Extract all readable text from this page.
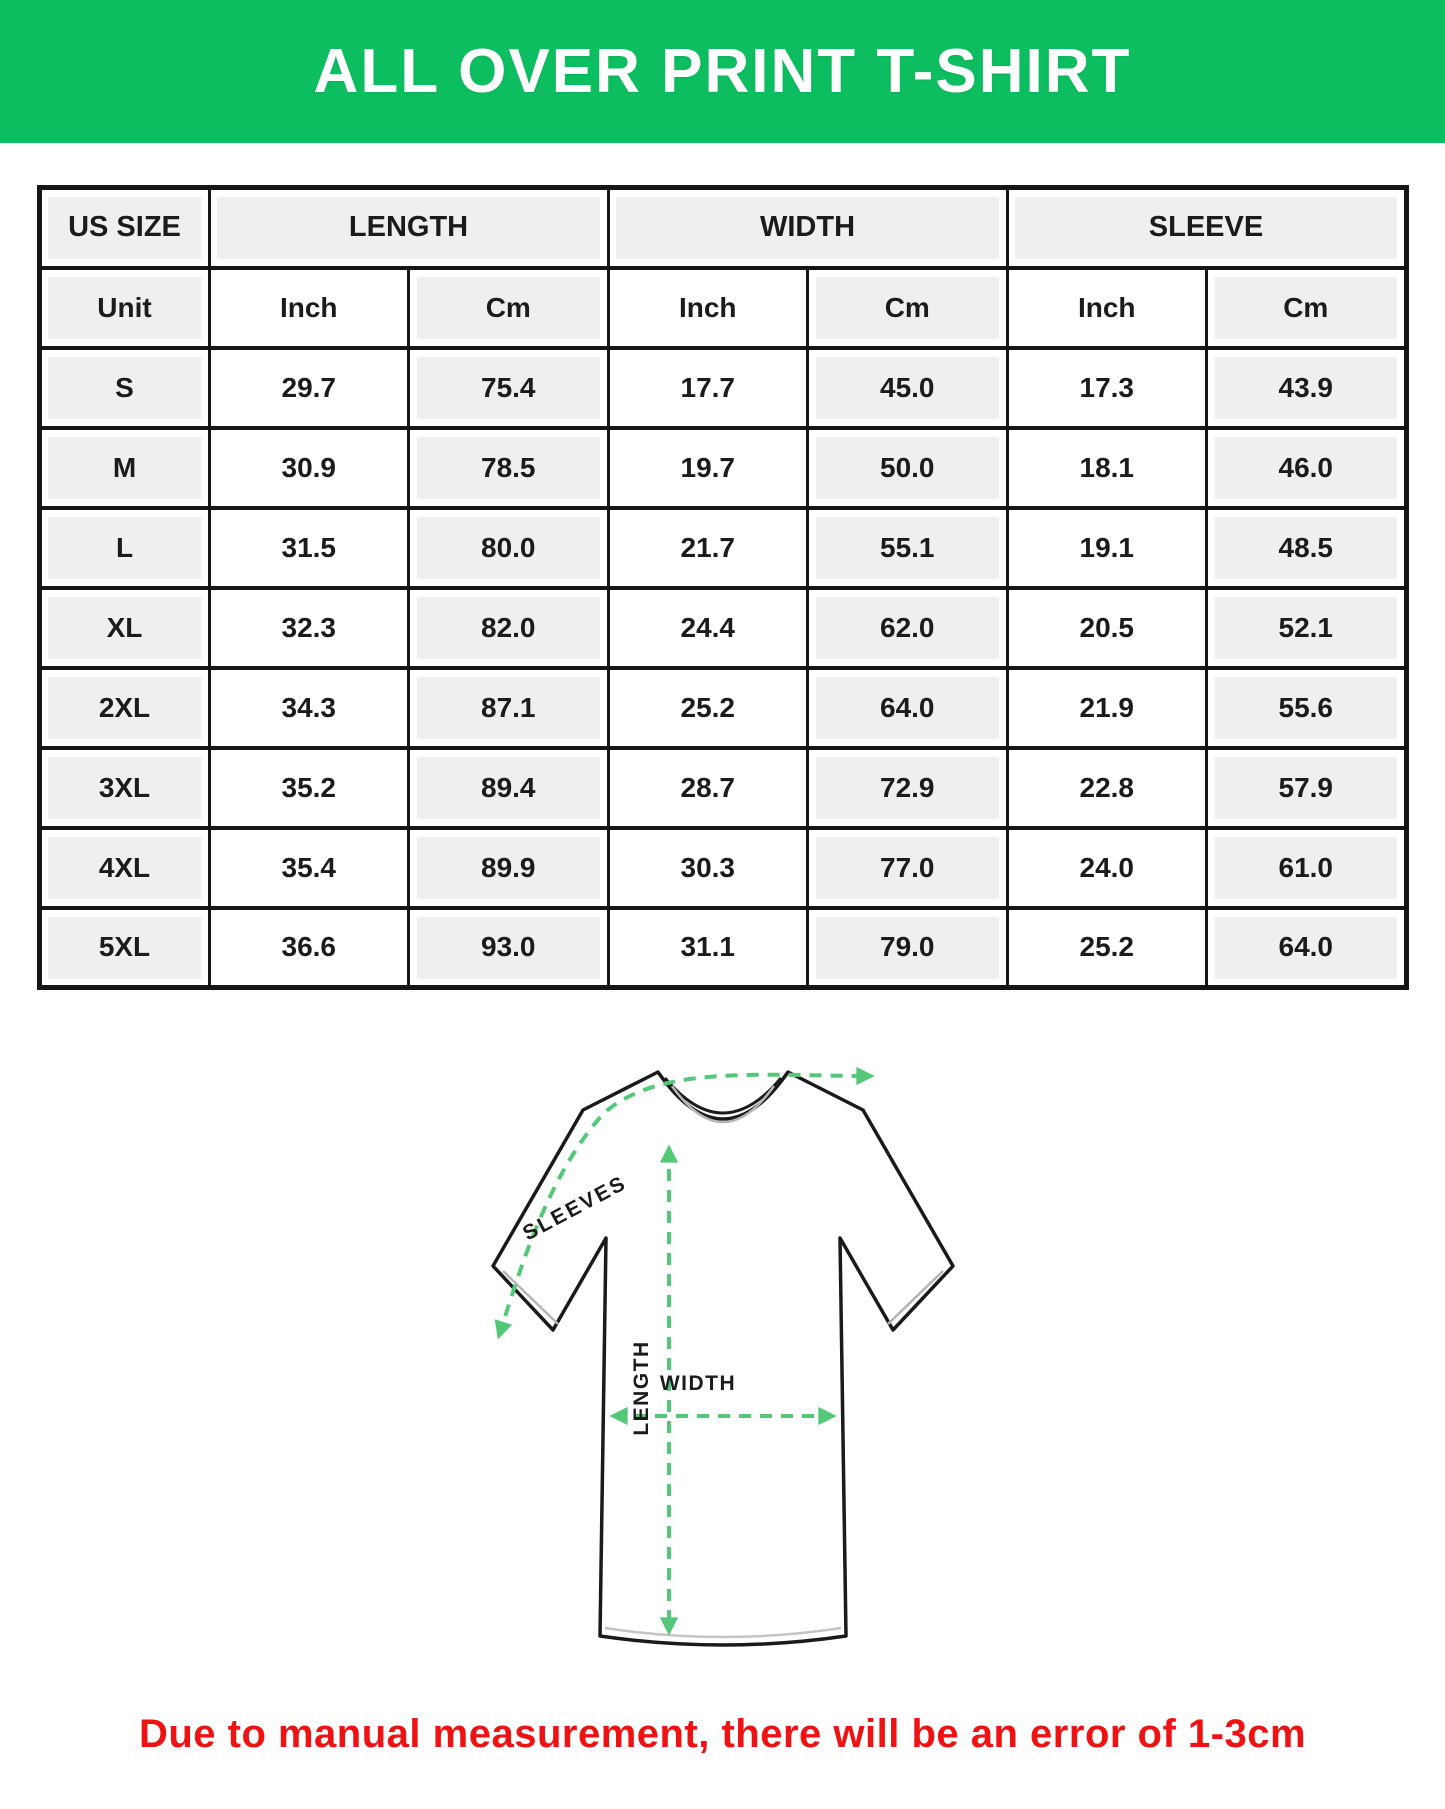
ALL OVER PRINT T-SHIRT
US SIZE	LENGTH		WIDTH		SLEEVE	
Unit	Inch	Cm	Inch	Cm	Inch	Cm
S	29.7	75.4	17.7	45.0	17.3	43.9
M	30.9	78.5	19.7	50.0	18.1	46.0
L	31.5	80.0	21.7	55.1	19.1	48.5
XL	32.3	82.0	24.4	62.0	20.5	52.1
2XL	34.3	87.1	25.2	64.0	21.9	55.6
3XL	35.2	89.4	28.7	72.9	22.8	57.9
4XL	35.4	89.9	30.3	77.0	24.0	61.0
5XL	36.6	93.0	31.1	79.0	25.2	64.0
SLEEVES
WIDTH
LENGTH

Due to manual measurement, there will be an error of 1-3cm
